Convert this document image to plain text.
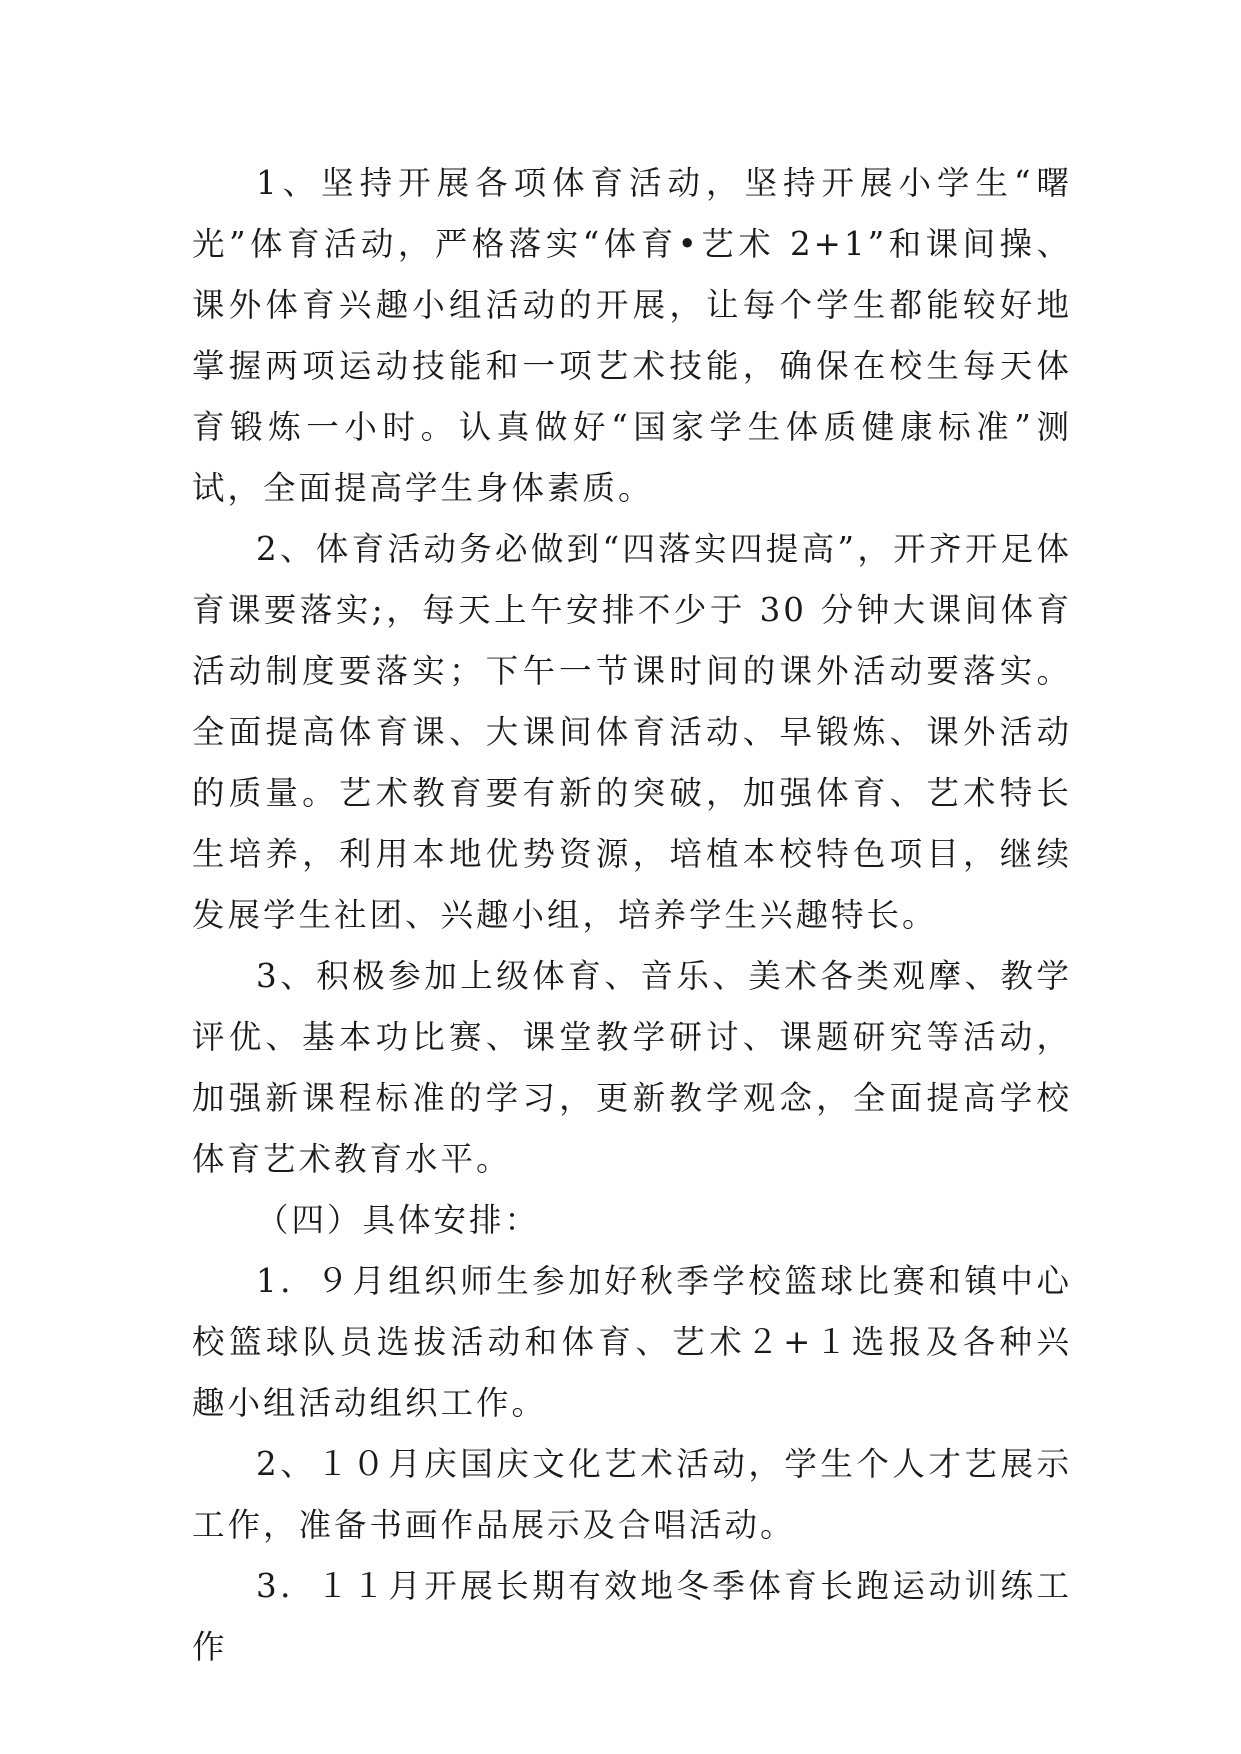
1、坚持开展各项体育活动，坚持开展小学生“曙光”体育活动，严格落实“体育•艺术 2+1”和课间操、课外体育兴趣小组活动的开展，让每个学生都能较好地掌握两项运动技能和一项艺术技能，确保在校生每天体育锻炼一小时。认真做好“国家学生体质健康标准”测试，全面提高学生身体素质。

2、体育活动务必做到“四落实四提高”，开齐开足体育课要落实;，每天上午安排不少于 30 分钟大课间体育活动制度要落实；下午一节课时间的课外活动要落实。全面提高体育课、大课间体育活动、早锻炼、课外活动的质量。艺术教育要有新的突破，加强体育、艺术特长生培养，利用本地优势资源，培植本校特色项目，继续发展学生社团、兴趣小组，培养学生兴趣特长。

3、积极参加上级体育、音乐、美术各类观摩、教学评优、基本功比赛、课堂教学研讨、课题研究等活动，加强新课程标准的学习，更新教学观念，全面提高学校体育艺术教育水平。

（四）具体安排：

1．９月组织师生参加好秋季学校篮球比赛和镇中心校篮球队员选拔活动和体育、艺术２+１选报及各种兴趣小组活动组织工作。

2、１０月庆国庆文化艺术活动，学生个人才艺展示工作，准备书画作品展示及合唱活动。

3．１１月开展长期有效地冬季体育长跑运动训练工作
